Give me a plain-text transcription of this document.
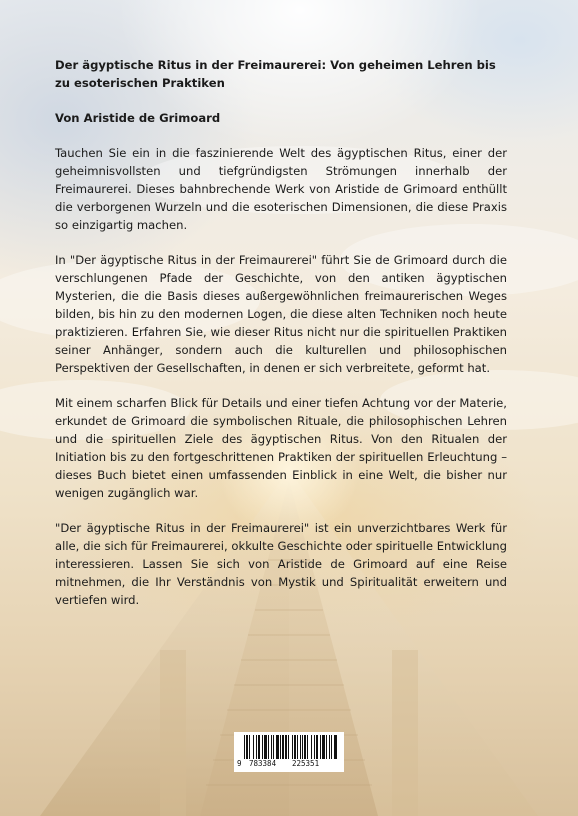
Der ägyptische Ritus in der Freimaurerei: Von geheimen Lehren bis zu esoterischen Praktiken

Von Aristide de Grimoard

Tauchen Sie ein in die faszinierende Welt des ägyptischen Ritus, einer der geheimnisvollsten und tiefgründigsten Strömungen innerhalb der Freimaurerei. Dieses bahnbrechende Werk von Aristide de Grimoard enthüllt die verborgenen Wurzeln und die esoterischen Dimensionen, die diese Praxis so einzigartig machen.

In "Der ägyptische Ritus in der Freimaurerei" führt Sie de Grimoard durch die verschlungenen Pfade der Geschichte, von den antiken ägyptischen Mysterien, die die Basis dieses außergewöhnlichen freimaurerischen Weges bilden, bis hin zu den modernen Logen, die diese alten Techniken noch heute praktizieren. Erfahren Sie, wie dieser Ritus nicht nur die spirituellen Praktiken seiner Anhänger, sondern auch die kulturellen und philosophischen Perspektiven der Gesellschaften, in denen er sich verbreitete, geformt hat.

Mit einem scharfen Blick für Details und einer tiefen Achtung vor der Materie, erkundet de Grimoard die symbolischen Rituale, die philosophischen Lehren und die spirituellen Ziele des ägyptischen Ritus. Von den Ritualen der Initiation bis zu den fortgeschrittenen Praktiken der spirituellen Erleuchtung – dieses Buch bietet einen umfassenden Einblick in eine Welt, die bisher nur wenigen zugänglich war.

"Der ägyptische Ritus in der Freimaurerei" ist ein unverzichtbares Werk für alle, die sich für Freimaurerei, okkulte Geschichte oder spirituelle Entwicklung interessieren. Lassen Sie sich von Aristide de Grimoard auf eine Reise mitnehmen, die Ihr Verständnis von Mystik und Spiritualität erweitern und vertiefen wird.

9 783384 225351
